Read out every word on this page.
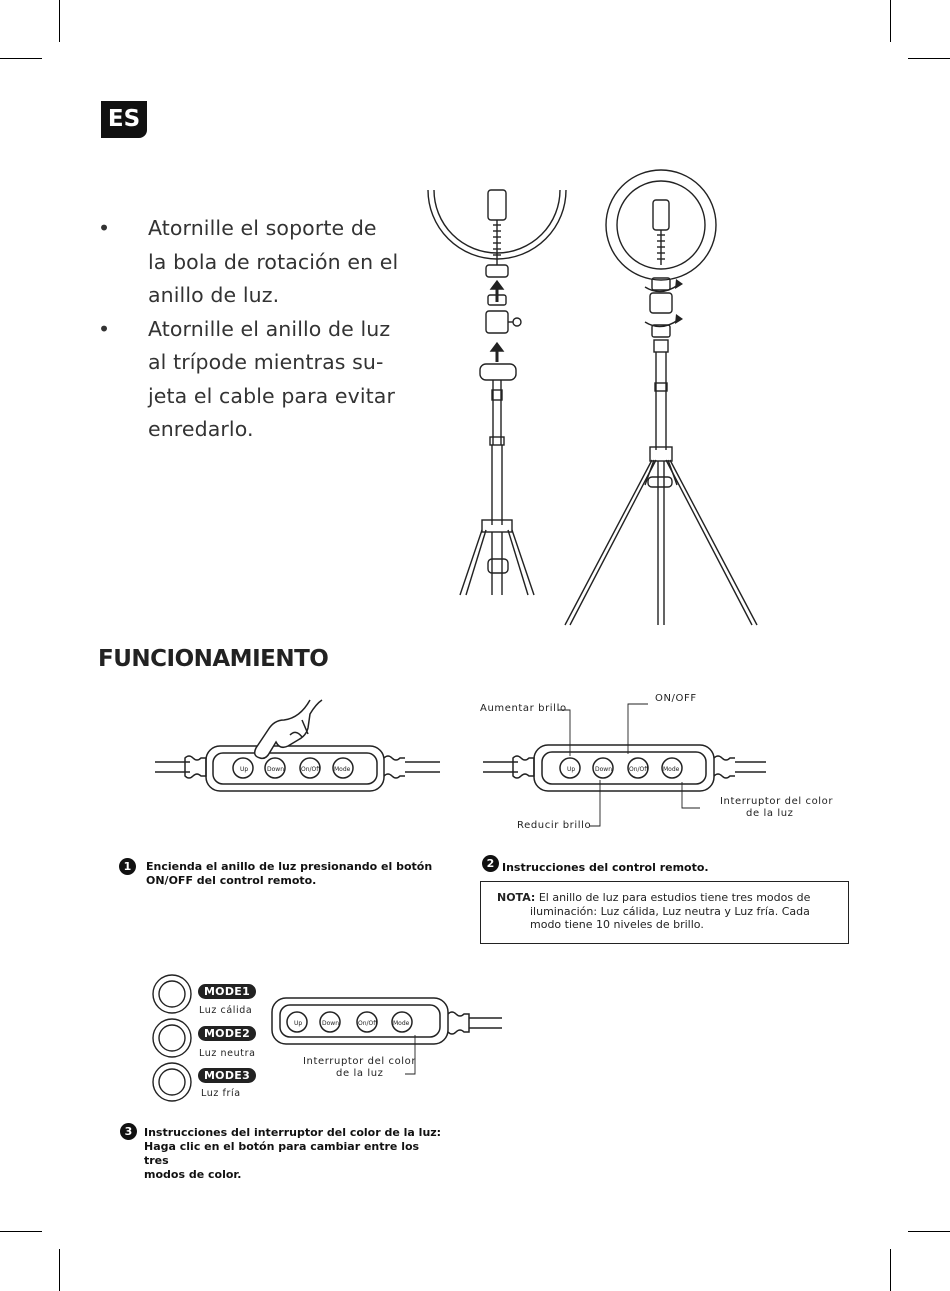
ES
• Atornille el soporte de
la bola de rotación en el
anillo de luz.
• Atornille el anillo de luz
al trípode mientras su-
jeta el cable para evitar
enredarlo.
FUNCIONAMIENTO
Up	Down	On/Off Mode	Up	Down	On/Off Mode
Aumentar brillo
ON/OFF
Reducir brillo
Interruptor del color
de la luz
1	Encienda el anillo de luz presionando el botón
ON/OFF del control remoto.
2 Instrucciones del control remoto.
NOTA: El anillo de luz para estudios tiene tres modos de
iluminación: Luz cálida, Luz neutra y Luz fría. Cada
modo tiene 10 niveles de brillo.
MODE1
Luz cálida
MODE2
Luz neutra
MODE3
Luz fría
Up	Down	On/Off	Mode
Interruptor del color
de la luz
3	Instrucciones del interruptor del color de la luz:
Haga clic en el botón para cambiar entre los tres
modos de color.
